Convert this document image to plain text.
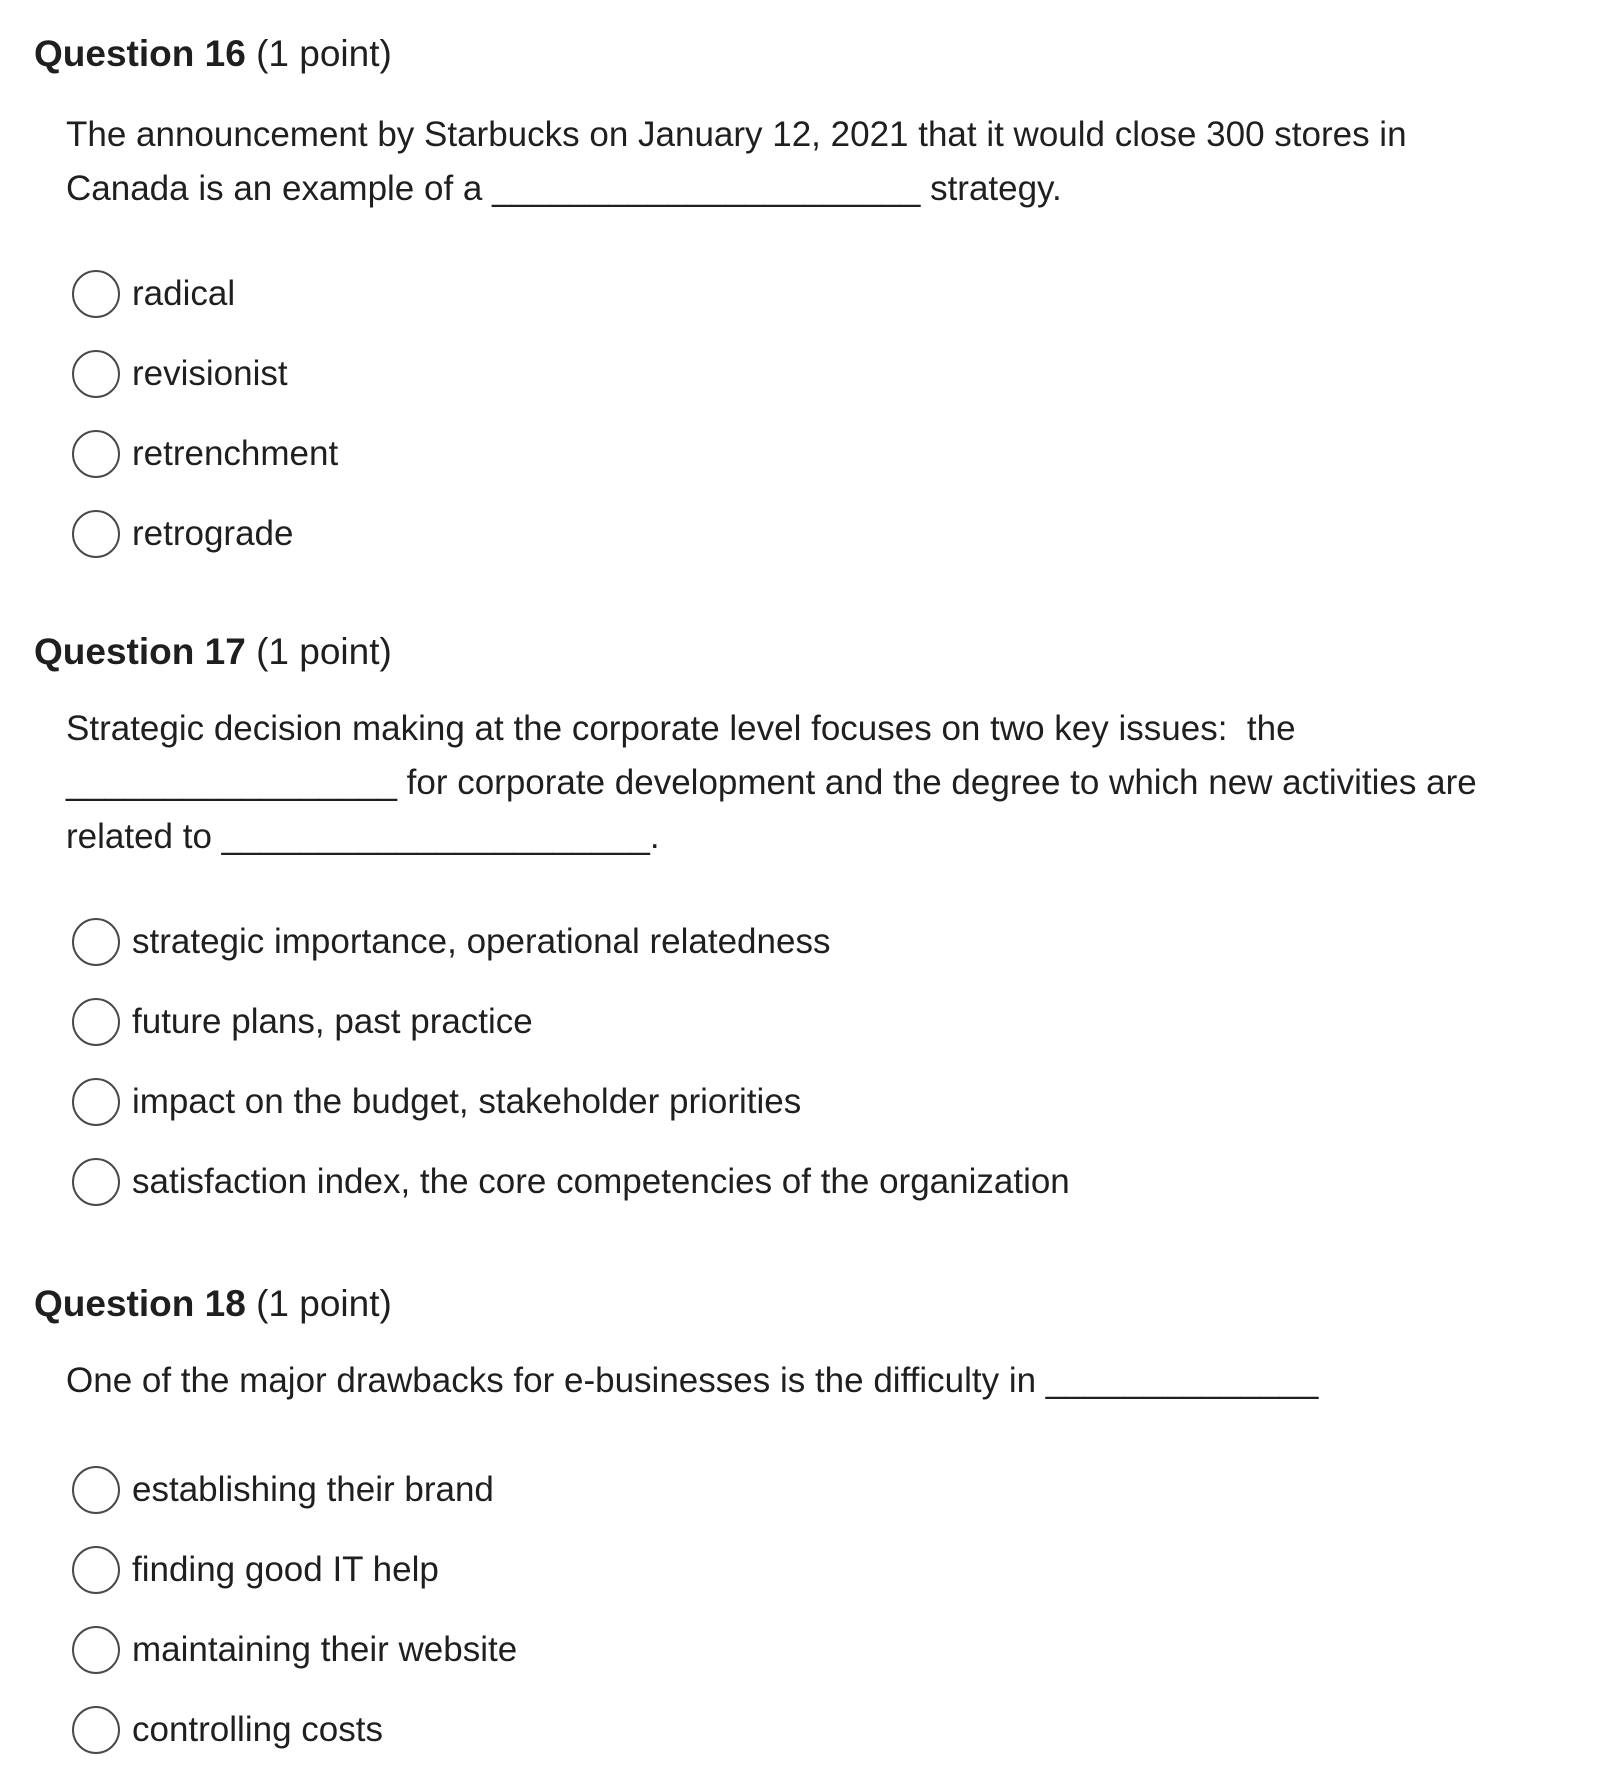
Question 16 (1 point)

The announcement by Starbucks on January 12, 2021 that it would close 300 stores in Canada is an example of a ______________________ strategy.

radical
revisionist
retrenchment
retrograde
Question 17 (1 point)

Strategic decision making at the corporate level focuses on two key issues:  the _________________ for corporate development and the degree to which new activities are related to ______________________.

strategic importance, operational relatedness
future plans, past practice
impact on the budget, stakeholder priorities
satisfaction index, the core competencies of the organization
Question 18 (1 point)

One of the major drawbacks for e-businesses is the difficulty in ______________

establishing their brand
finding good IT help
maintaining their website
controlling costs
